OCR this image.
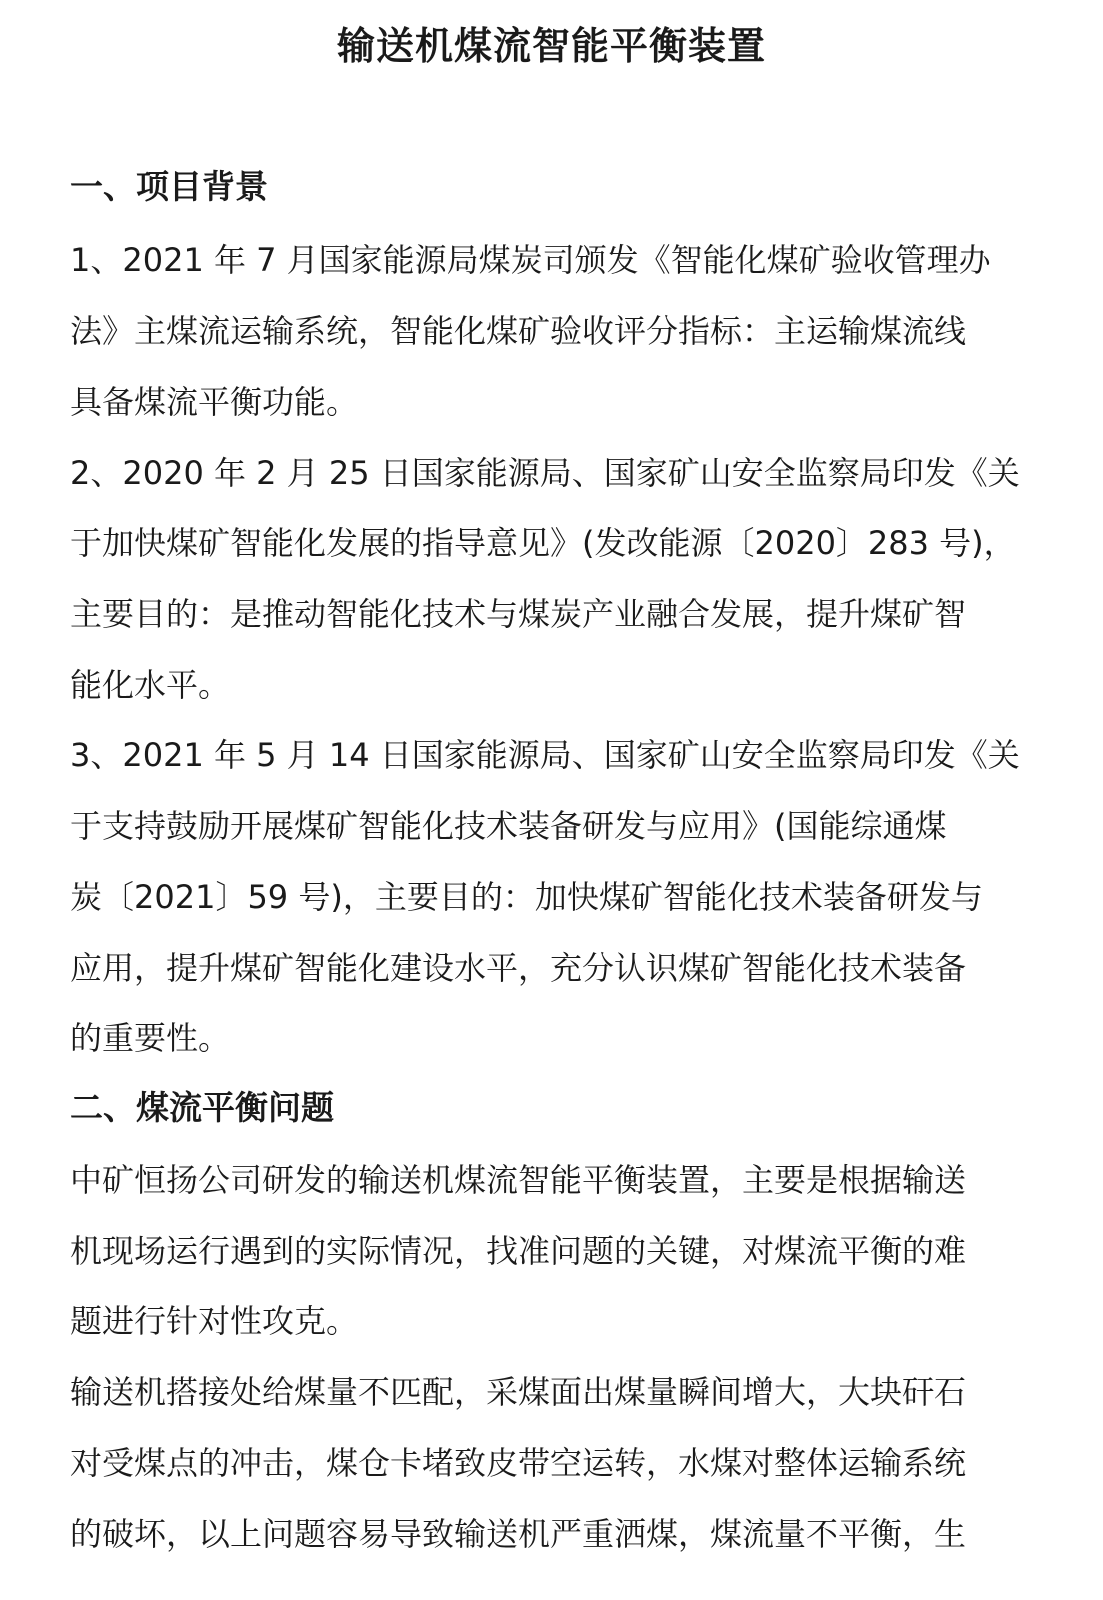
输送机煤流智能平衡装置
一、项目背景
1、2021 年 7 月国家能源局煤炭司颁发《智能化煤矿验收管理办
法》主煤流运输系统，智能化煤矿验收评分指标：主运输煤流线
具备煤流平衡功能。
2、2020 年 2 月 25 日国家能源局、国家矿山安全监察局印发《关
于加快煤矿智能化发展的指导意见》(发改能源〔2020〕283 号)，
主要目的：是推动智能化技术与煤炭产业融合发展，提升煤矿智
能化水平。
3、2021 年 5 月 14 日国家能源局、国家矿山安全监察局印发《关
于支持鼓励开展煤矿智能化技术装备研发与应用》(国能综通煤
炭〔2021〕59 号)，主要目的：加快煤矿智能化技术装备研发与
应用，提升煤矿智能化建设水平，充分认识煤矿智能化技术装备
的重要性。
二、煤流平衡问题
中矿恒扬公司研发的输送机煤流智能平衡装置，主要是根据输送
机现场运行遇到的实际情况，找准问题的关键，对煤流平衡的难
题进行针对性攻克。
输送机搭接处给煤量不匹配，采煤面出煤量瞬间增大，大块矸石
对受煤点的冲击，煤仓卡堵致皮带空运转，水煤对整体运输系统
的破坏，以上问题容易导致输送机严重洒煤，煤流量不平衡，生
